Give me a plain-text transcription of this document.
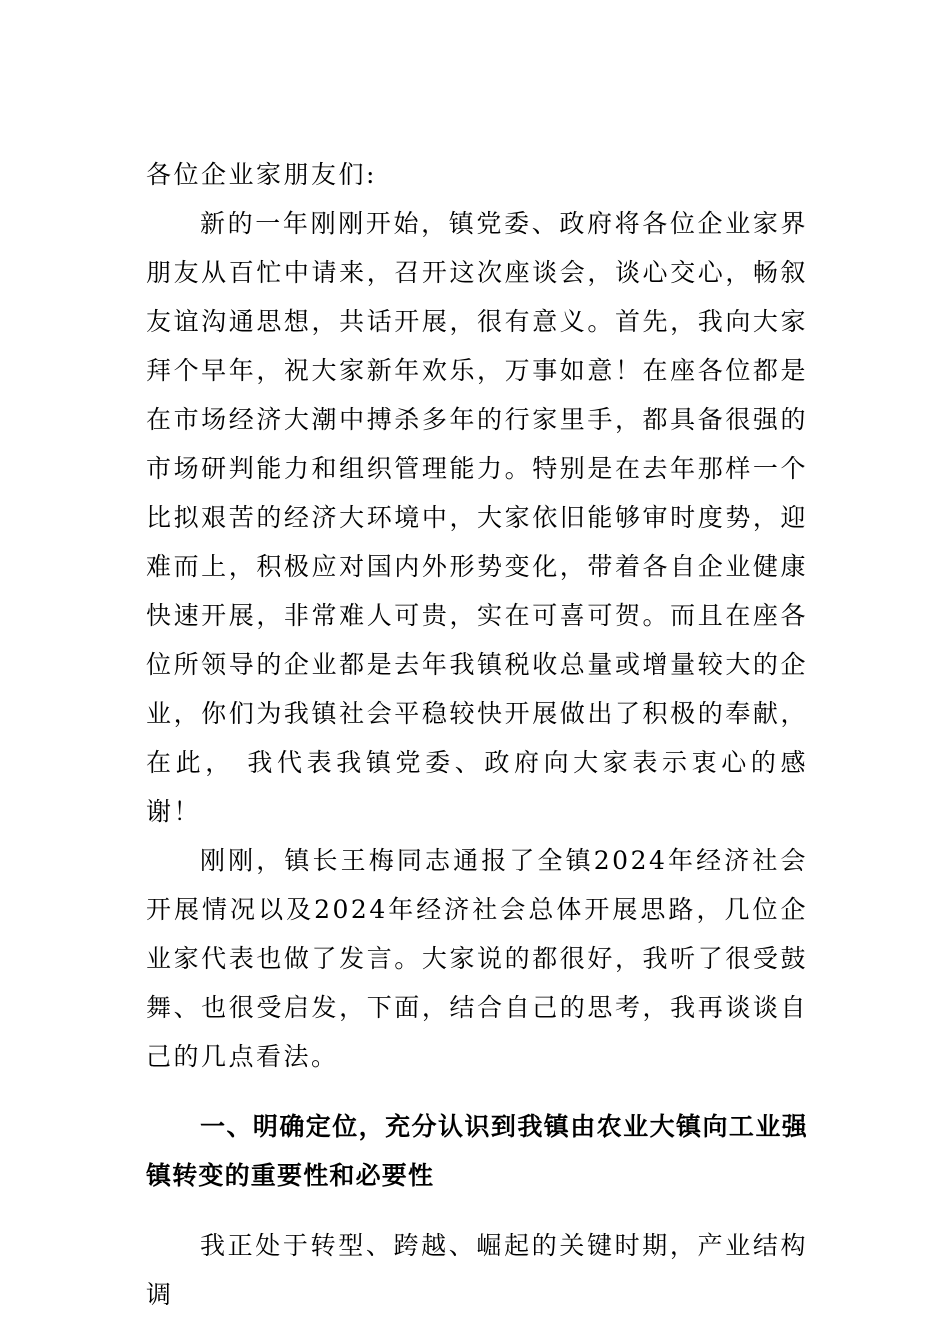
各位企业家朋友们:

新的一年刚刚开始，镇党委、政府将各位企业家界朋友从百忙中请来，召开这次座谈会，谈心交心，畅叙友谊沟通思想，共话开展，很有意义。首先，我向大家拜个早年，祝大家新年欢乐，万事如意！在座各位都是在市场经济大潮中搏杀多年的行家里手，都具备很强的市场研判能力和组织管理能力。特别是在去年那样一个比拟艰苦的经济大环境中，大家依旧能够审时度势，迎难而上，积极应对国内外形势变化，带着各自企业健康快速开展，非常难人可贵，实在可喜可贺。而且在座各位所领导的企业都是去年我镇税收总量或增量较大的企业，你们为我镇社会平稳较快开展做出了积极的奉献，在此， 我代表我镇党委、政府向大家表示衷心的感谢！

刚刚，镇长王梅同志通报了全镇2024年经济社会开展情况以及2024年经济社会总体开展思路，几位企业家代表也做了发言。大家说的都很好，我听了很受鼓舞、也很受启发，下面，结合自己的思考，我再谈谈自己的几点看法。

一、明确定位，充分认识到我镇由农业大镇向工业强镇转变的重要性和必要性

我正处于转型、跨越、崛起的关键时期，产业结构调
